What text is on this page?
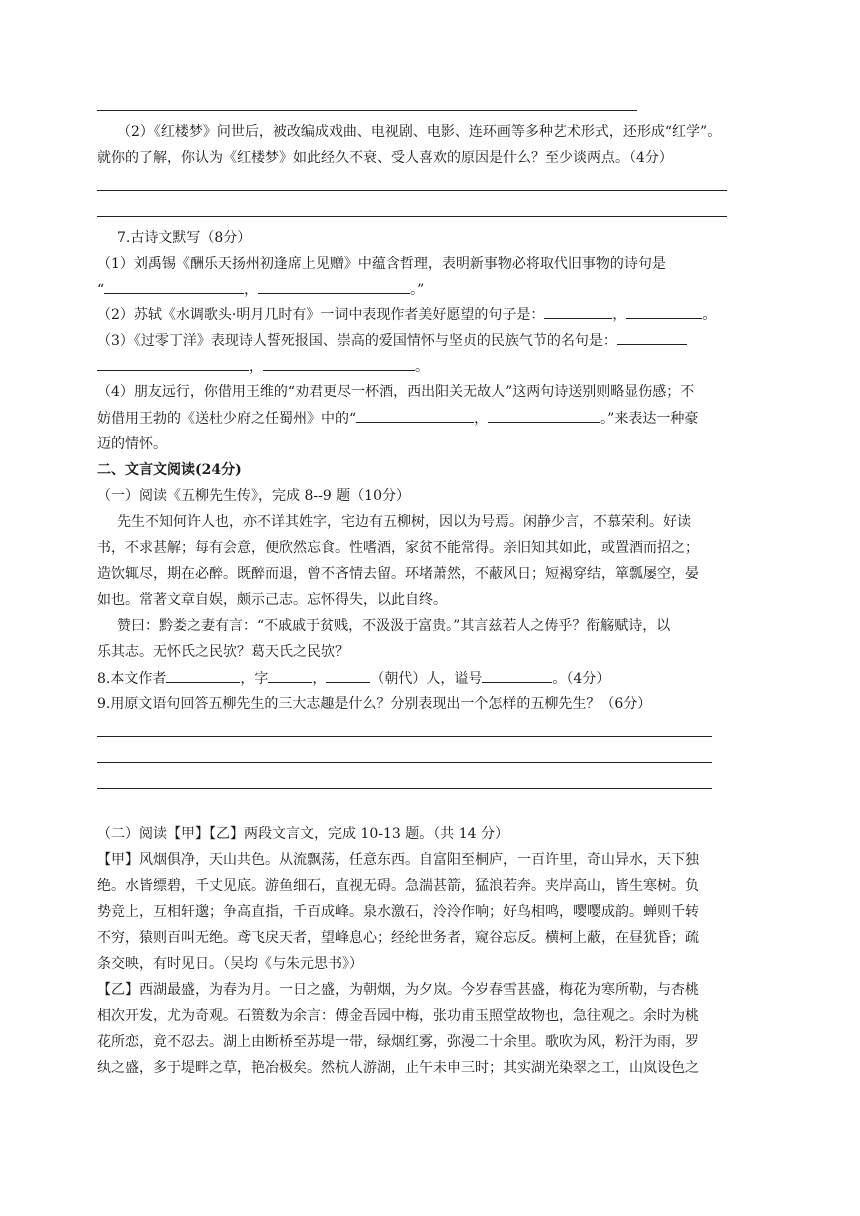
（2）《红楼梦》问世后，被改编成戏曲、电视剧、电影、连环画等多种艺术形式，还形成“红学”。
就你的了解，你认为《红楼梦》如此经久不衰、受人喜欢的原因是什么？至少谈两点。（4分）
7.古诗文默写（8分）
（1）刘禹锡《酬乐天扬州初逢席上见赠》中蕴含哲理，表明新事物必将取代旧事物的诗句是
“	，	。”
（2）苏轼《水调歌头·明月几时有》一词中表现作者美好愿望的句子是：	，	。
（3）《过零丁洋》表现诗人誓死报国、崇高的爱国情怀与坚贞的民族气节的名句是：
，	。
（4）朋友远行，你借用王维的“劝君更尽一杯酒，西出阳关无故人”这两句诗送别则略显伤感；不
妨借用王勃的《送杜少府之任蜀州》中的“	，	。”来表达一种豪
迈的情怀。
二、文言文阅读(24分)
（一）阅读《五柳先生传》，完成 8--9 题（10分）
先生不知何许人也，亦不详其姓字，宅边有五柳树，因以为号焉。闲静少言，不慕荣利。好读
书，不求甚解；每有会意，便欣然忘食。性嗜酒，家贫不能常得。亲旧知其如此，或置酒而招之；
造饮辄尽，期在必醉。既醉而退，曾不吝情去留。环堵萧然，不蔽风日；短褐穿结，箪瓢屡空，晏
如也。常著文章自娱，颇示己志。忘怀得失，以此自终。
赞曰：黔娄之妻有言：“不戚戚于贫贱，不汲汲于富贵。”其言兹若人之俦乎？衔觞赋诗，以
乐其志。无怀氏之民欤？葛天氏之民欤？
8.本文作者	，字	，	（朝代）人，谥号	。（4分）
9.用原文语句回答五柳先生的三大志趣是什么？分别表现出一个怎样的五柳先生？（6分）
（二）阅读【甲】【乙】两段文言文，完成 10-13 题。（共 14 分）
【甲】风烟俱净，天山共色。从流飘荡，任意东西。自富阳至桐庐，一百许里，奇山异水，天下独
绝。水皆缥碧，千丈见底。游鱼细石，直视无碍。急湍甚箭，猛浪若奔。夹岸高山，皆生寒树。负
势竞上，互相轩邈；争高直指，千百成峰。泉水激石，泠泠作响；好鸟相鸣，嘤嘤成韵。蝉则千转
不穷，猿则百叫无绝。鸢飞戾天者，望峰息心；经纶世务者，窥谷忘反。横柯上蔽，在昼犹昏；疏
条交映，有时见日。（吴均《与朱元思书》）
【乙】西湖最盛，为春为月。一日之盛，为朝烟，为夕岚。今岁春雪甚盛，梅花为寒所勒，与杏桃
相次开发，尤为奇观。石篑数为余言：傅金吾园中梅，张功甫玉照堂故物也，急往观之。余时为桃
花所恋，竟不忍去。湖上由断桥至苏堤一带，绿烟红雾，弥漫二十余里。歌吹为风，粉汗为雨，罗
纨之盛，多于堤畔之草，艳冶极矣。然杭人游湖，止午未申三时；其实湖光染翠之工，山岚设色之
